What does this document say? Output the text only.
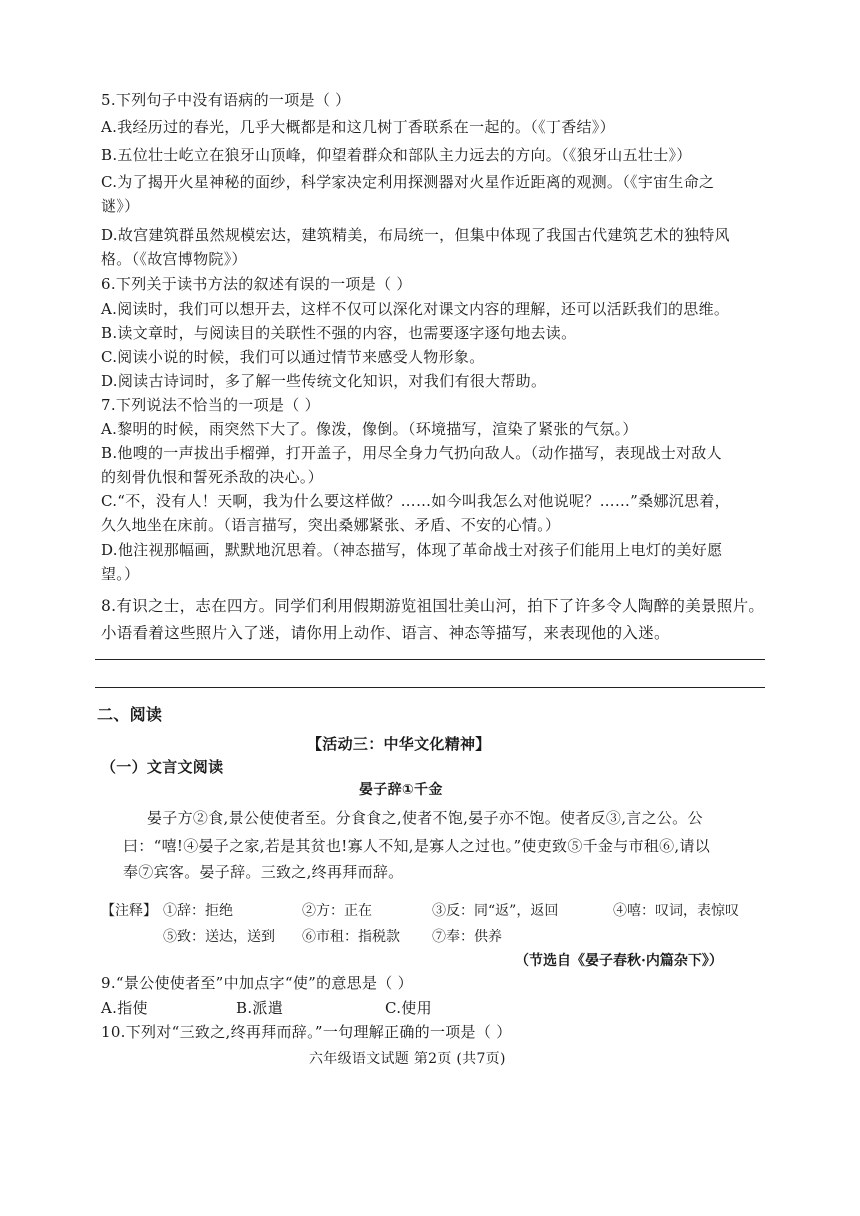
5.下列句子中没有语病的一项是（ ）
A.我经历过的春光，几乎大概都是和这几树丁香联系在一起的。（《丁香结》）
B.五位壮士屹立在狼牙山顶峰，仰望着群众和部队主力远去的方向。（《狼牙山五壮士》）
C.为了揭开火星神秘的面纱，科学家决定利用探测器对火星作近距离的观测。（《宇宙生命之
谜》）
D.故宫建筑群虽然规模宏达，建筑精美，布局统一，但集中体现了我国古代建筑艺术的独特风
格。（《故宫博物院》）
6.下列关于读书方法的叙述有误的一项是（ ）
A.阅读时，我们可以想开去，这样不仅可以深化对课文内容的理解，还可以活跃我们的思维。
B.读文章时，与阅读目的关联性不强的内容，也需要逐字逐句地去读。
C.阅读小说的时候，我们可以通过情节来感受人物形象。
D.阅读古诗词时，多了解一些传统文化知识，对我们有很大帮助。
7.下列说法不恰当的一项是（ ）
A.黎明的时候，雨突然下大了。像泼，像倒。（环境描写，渲染了紧张的气氛。）
B.他嗖的一声拔出手榴弹，打开盖子，用尽全身力气扔向敌人。（动作描写，表现战士对敌人
的刻骨仇恨和誓死杀敌的决心。）
C.“不，没有人！天啊，我为什么要这样做？……如今叫我怎么对他说呢？……”桑娜沉思着，
久久地坐在床前。（语言描写，突出桑娜紧张、矛盾、不安的心情。）
D.他注视那幅画，默默地沉思着。（神态描写，体现了革命战士对孩子们能用上电灯的美好愿
望。）
8.有识之士，志在四方。同学们利用假期游览祖国壮美山河，拍下了许多令人陶醉的美景照片。
小语看着这些照片入了迷，请你用上动作、语言、神态等描写，来表现他的入迷。
二、阅读
【活动三：中华文化精神】
（一）文言文阅读
晏子辞①千金
晏子方②食,景公使使者至。分食食之,使者不饱,晏子亦不饱。使者反③,言之公。公
曰：“嘻!④晏子之家,若是其贫也!寡人不知,是寡人之过也。”使吏致⑤千金与市租⑥,请以
奉⑦宾客。晏子辞。三致之,终再拜而辞。
【注释】 ①辞：拒绝	②方：正在	③反：同“返”，返回	④嘻：叹词，表惊叹
⑤致：送达，送到 ⑥市租：指税款 ⑦奉：供养
（节选自《晏子春秋·内篇杂下》）
9.“景公使使者至”中加点字“使”的意思是（ ）
A.指使	B.派遣	C.使用
10.下列对“三致之,终再拜而辞。”一句理解正确的一项是（ ）
六年级语文试题 第2页 (共7页)
